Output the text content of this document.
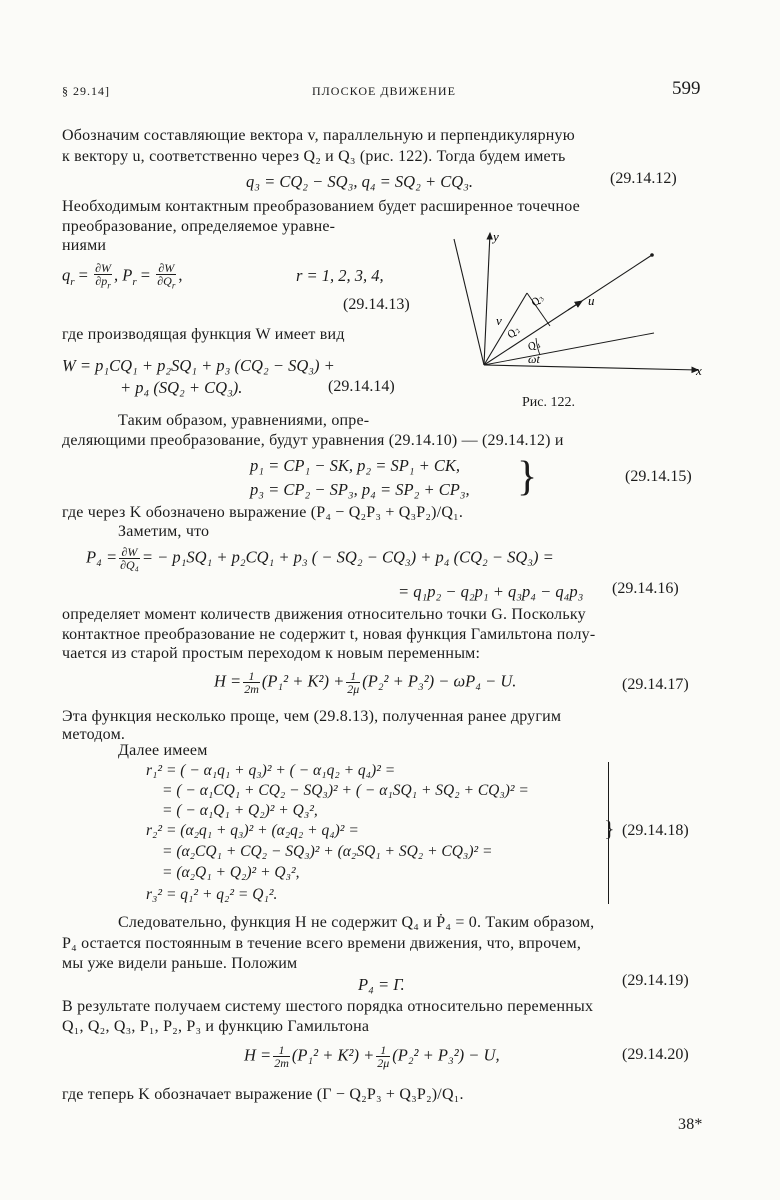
§ 29.14]	ПЛОСКОЕ ДВИЖЕНИЕ	599
Обозначим составляющие вектора v, параллельную и перпендикулярную
к вектору u, соответственно через Q₂ и Q₃ (рис. 122). Тогда будем иметь
q₃ = CQ₂ − SQ₃, q₄ = SQ₂ + CQ₃.	(29.14.12)
Необходимым контактным преобразованием будет расширенное точечное
преобразование, определяемое уравне-
ниями
$q_r = \frac{\partial W}{\partial p_r}$ , $P_r = \frac{\partial W}{\partial Q_r}$ ,	r = 1, 2, 3, 4,
(29.14.13)
где производящая функция W имеет вид
W = p₁CQ₁ + p₂SQ₁ + p₃ (CQ₂ − SQ₃) +
+ p₄ (SQ₂ + CQ₃).	(29.14.14)
y
x
v
u
Q₃
Q₂
Q₄
ωt
Рис. 122.
Таким образом, уравнениями, опре-
деляющими преобразование, будут уравнения (29.14.10) — (29.14.12) и
p₁ = CP₁ − SK, p₂ = SP₁ + CK,
p₃ = CP₂ − SP₃, p₄ = SP₂ + CP₃, }	(29.14.15)
где через K обозначено выражение (P₄ − Q₂P₃ + Q₃P₂)/Q₁.
Заметим, что
$P_4 = \frac{\partial W}{\text{∂Q₄}}$ = − p₁SQ₁ + p₂CQ₁ + p₃ ( − SQ₂ − CQ₃) + p₄ (CQ₂ − SQ₃) =
= q₁p₂ − q₂p₁ + q₃p₄ − q₄p₃ (29.14.16)
определяет момент количеств движения относительно точки G. Поскольку
контактное преобразование не содержит t, новая функция Гамильтона полу-
чается из старой простым переходом к новым переменным:
$H = \frac{1}{2m} (P_1^2 + K^2) + \frac{1}{2\mu} (P_2^2 + P_3^2) - \omega P_4 - U$.	(29.14.17)
Эта функция несколько проще, чем (29.8.13), полученная ранее другим
методом.
Далее имеем
r₁² = ( − α₁q₁ + q₃)² + ( − α₁q₂ + q₄)² =
= ( − α₁CQ₁ + CQ₂ − SQ₃)² + ( − α₁SQ₁ + SQ₂ + CQ₃)² =
= ( − α₁Q₁ + Q₂)² + Q₃²,
r₂² = (α₂q₁ + q₃)² + (α₂q₂ + q₄)² =
= (α₂CQ₁ + CQ₂ − SQ₃)² + (α₂SQ₁ + SQ₂ + CQ₃)² =
= (α₂Q₁ + Q₂)² + Q₃²,
r₃² = q₁² + q₂² = Q₁².
} (29.14.18)
Следовательно, функция H не содержит Q₄ и Ṗ₄ = 0. Таким образом,
P₄ остается постоянным в течение всего времени движения, что, впрочем,
мы уже видели раньше. Положим
P₄ = Γ.	(29.14.19)
В результате получаем систему шестого порядка относительно переменных
Q₁, Q₂, Q₃, P₁, P₂, P₃ и функцию Гамильтона
$H = \frac{1}{2m} (P_1^2 + K^2) + \frac{1}{2\mu} (P_2^2 + P_3^2) - U$,	(29.14.20)
где теперь K обозначает выражение (Γ − Q₂P₃ + Q₃P₂)/Q₁.
38*
